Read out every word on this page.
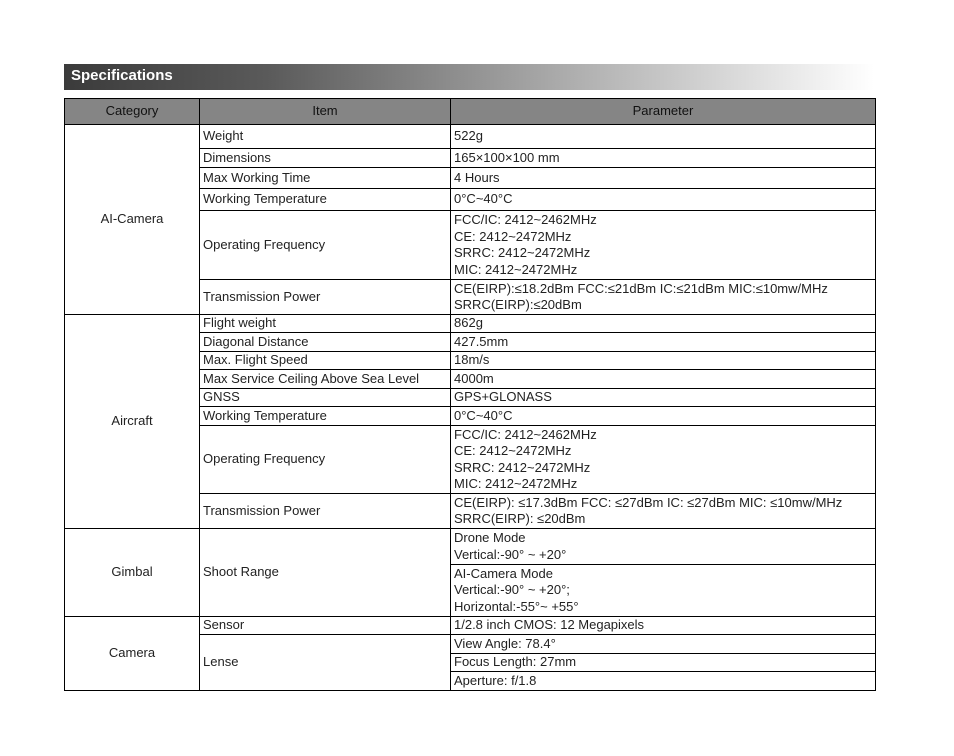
Specifications
Category	Item	Parameter
AI-Camera	Weight	522g
	Dimensions	165×100×100 mm
	Max Working Time	4 Hours
	Working Temperature	0°C~40°C
	Operating Frequency	FCC/IC: 2412~2462MHz
CE: 2412~2472MHz
SRRC: 2412~2472MHz
MIC: 2412~2472MHz

	Transmission Power	CE(EIRP):≤18.2dBm FCC:≤21dBm IC:≤21dBm MIC:≤10mw/MHz
SRRC(EIRP):≤20dBm

Aircraft	Flight weight	862g
	Diagonal Distance	427.5mm
	Max. Flight Speed	18m/s
	Max Service Ceiling Above Sea Level	4000m
	GNSS	GPS+GLONASS
	Working Temperature	0°C~40°C
	Operating Frequency	FCC/IC: 2412~2462MHz
CE: 2412~2472MHz
SRRC: 2412~2472MHz
MIC: 2412~2472MHz

	Transmission Power	CE(EIRP): ≤17.3dBm FCC: ≤27dBm IC: ≤27dBm MIC: ≤10mw/MHz
SRRC(EIRP): ≤20dBm

Gimbal	Shoot Range	Drone Mode
Vertical:-90° ~ +20°

		AI-Camera Mode
Vertical:-90° ~ +20°;
Horizontal:-55°~ +55°

Camera	Sensor	1/2.8 inch CMOS: 12 Megapixels
	Lense	View Angle: 78.4°
		Focus Length: 27mm
		Aperture: f/1.8
